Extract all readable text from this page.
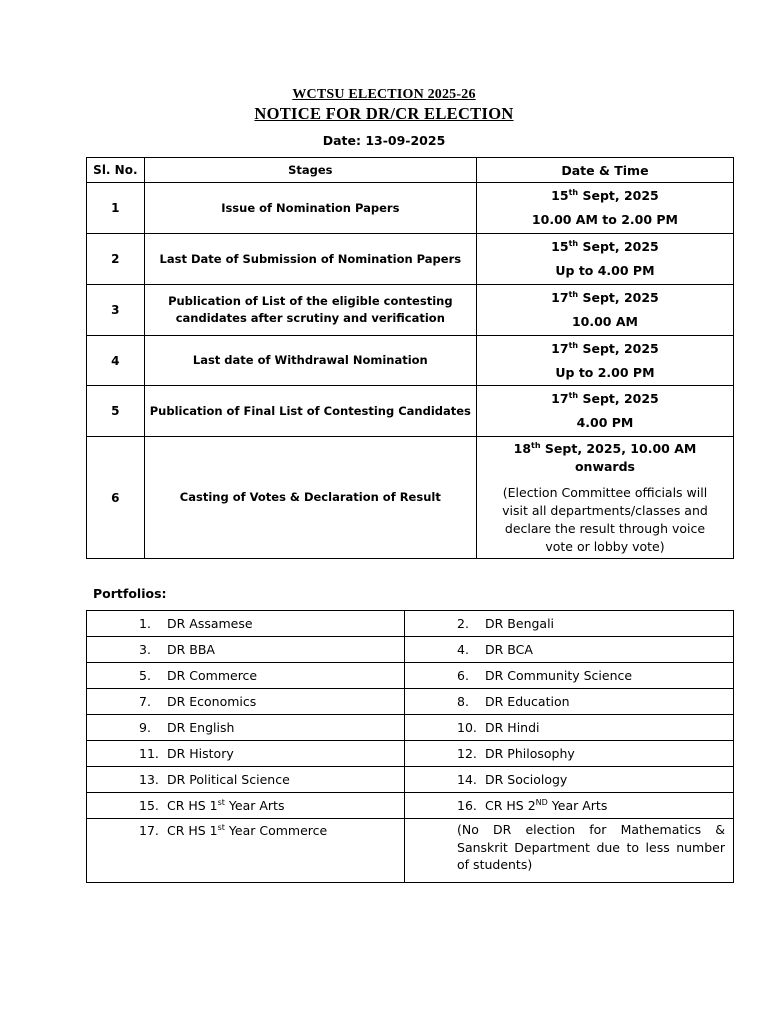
WCTSU ELECTION 2025-26
NOTICE FOR DR/CR ELECTION
Date: 13-09-2025
Sl. No.	Stages	Date & Time
1	Issue of Nomination Papers	15th Sept, 2025
10.00 AM to 2.00 PM

2	Last Date of Submission of Nomination Papers	15th Sept, 2025
Up to 4.00 PM

3	Publication of List of the eligible contesting candidates after scrutiny and verification	17th Sept, 2025
10.00 AM

4	Last date of Withdrawal Nomination	17th Sept, 2025
Up to 2.00 PM

5	Publication of Final List of Contesting Candidates	17th Sept, 2025
4.00 PM

6	Casting of Votes & Declaration of Result	18th Sept, 2025, 10.00 AM onwards
(Election Committee officials will visit all departments/classes and declare the result through voice vote or lobby vote)
Portfolios:
1. DR Assamese	2. DR Bengali
3. DR BBA	4. DR BCA
5. DR Commerce	6. DR Community Science
7. DR Economics	8. DR Education
9. DR English	10. DR Hindi
11. DR History	12. DR Philosophy
13. DR Political Science	14. DR Sociology
15. CR HS 1st Year Arts	16. CR HS 2ND Year Arts
17. CR HS 1st Year Commerce	(No DR election for Mathematics & Sanskrit Department due to less number of students)
